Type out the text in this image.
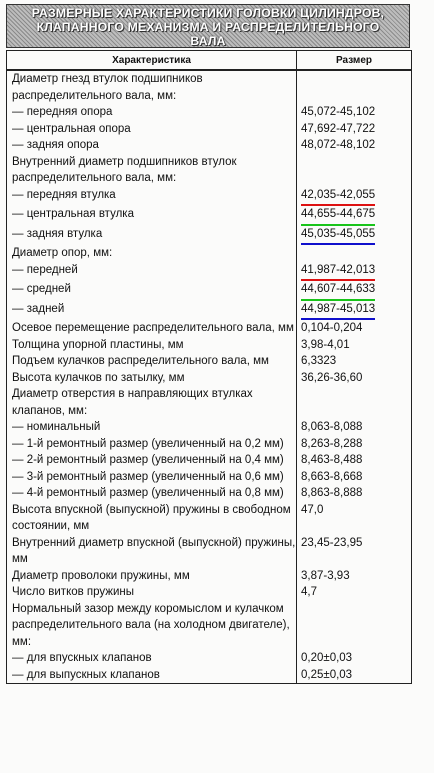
РАЗМЕРНЫЕ ХАРАКТЕРИСТИКИ ГОЛОВКИ ЦИЛИНДРОВ,
КЛАПАННОГО МЕХАНИЗМА И РАСПРЕДЕЛИТЕЛЬНОГО
ВАЛА
Характеристика	Размер
Диаметр гнезд втулок подшипников распределительного вала, мм:	
— передняя опора	45,072-45,102
— центральная опора	47,692-47,722
— задняя опора	48,072-48,102
Внутренний диаметр подшипников втулок распределительного вала, мм:	
— передняя втулка	42,035-42,055
— центральная втулка	44,655-44,675
— задняя втулка	45,035-45,055
Диаметр опор, мм:	
— передней	41,987-42,013
— средней	44,607-44,633
— задней	44,987-45,013
Осевое перемещение распределительного вала, мм	0,104-0,204
Толщина упорной пластины, мм	3,98-4,01
Подъем кулачков распределительного вала, мм	6,3323
Высота кулачков по затылку, мм	36,26-36,60
Диаметр отверстия в направляющих втулках клапанов, мм:	
— номинальный	8,063-8,088
— 1-й ремонтный размер (увеличенный на 0,2 мм)	8,263-8,288
— 2-й ремонтный размер (увеличенный на 0,4 мм)	8,463-8,488
— 3-й ремонтный размер (увеличенный на 0,6 мм)	8,663-8,668
— 4-й ремонтный размер (увеличенный на 0,8 мм)	8,863-8,888
Высота впускной (выпускной) пружины в свободном состоянии, мм	47,0
Внутренний диаметр впускной (выпускной) пружины, мм	23,45-23,95
Диаметр проволоки пружины, мм	3,87-3,93
Число витков пружины	4,7
Нормальный зазор между коромыслом и кулачком распределительного вала (на холодном двигателе), мм:	
— для впускных клапанов	0,20±0,03
— для выпускных клапанов	0,25±0,03
